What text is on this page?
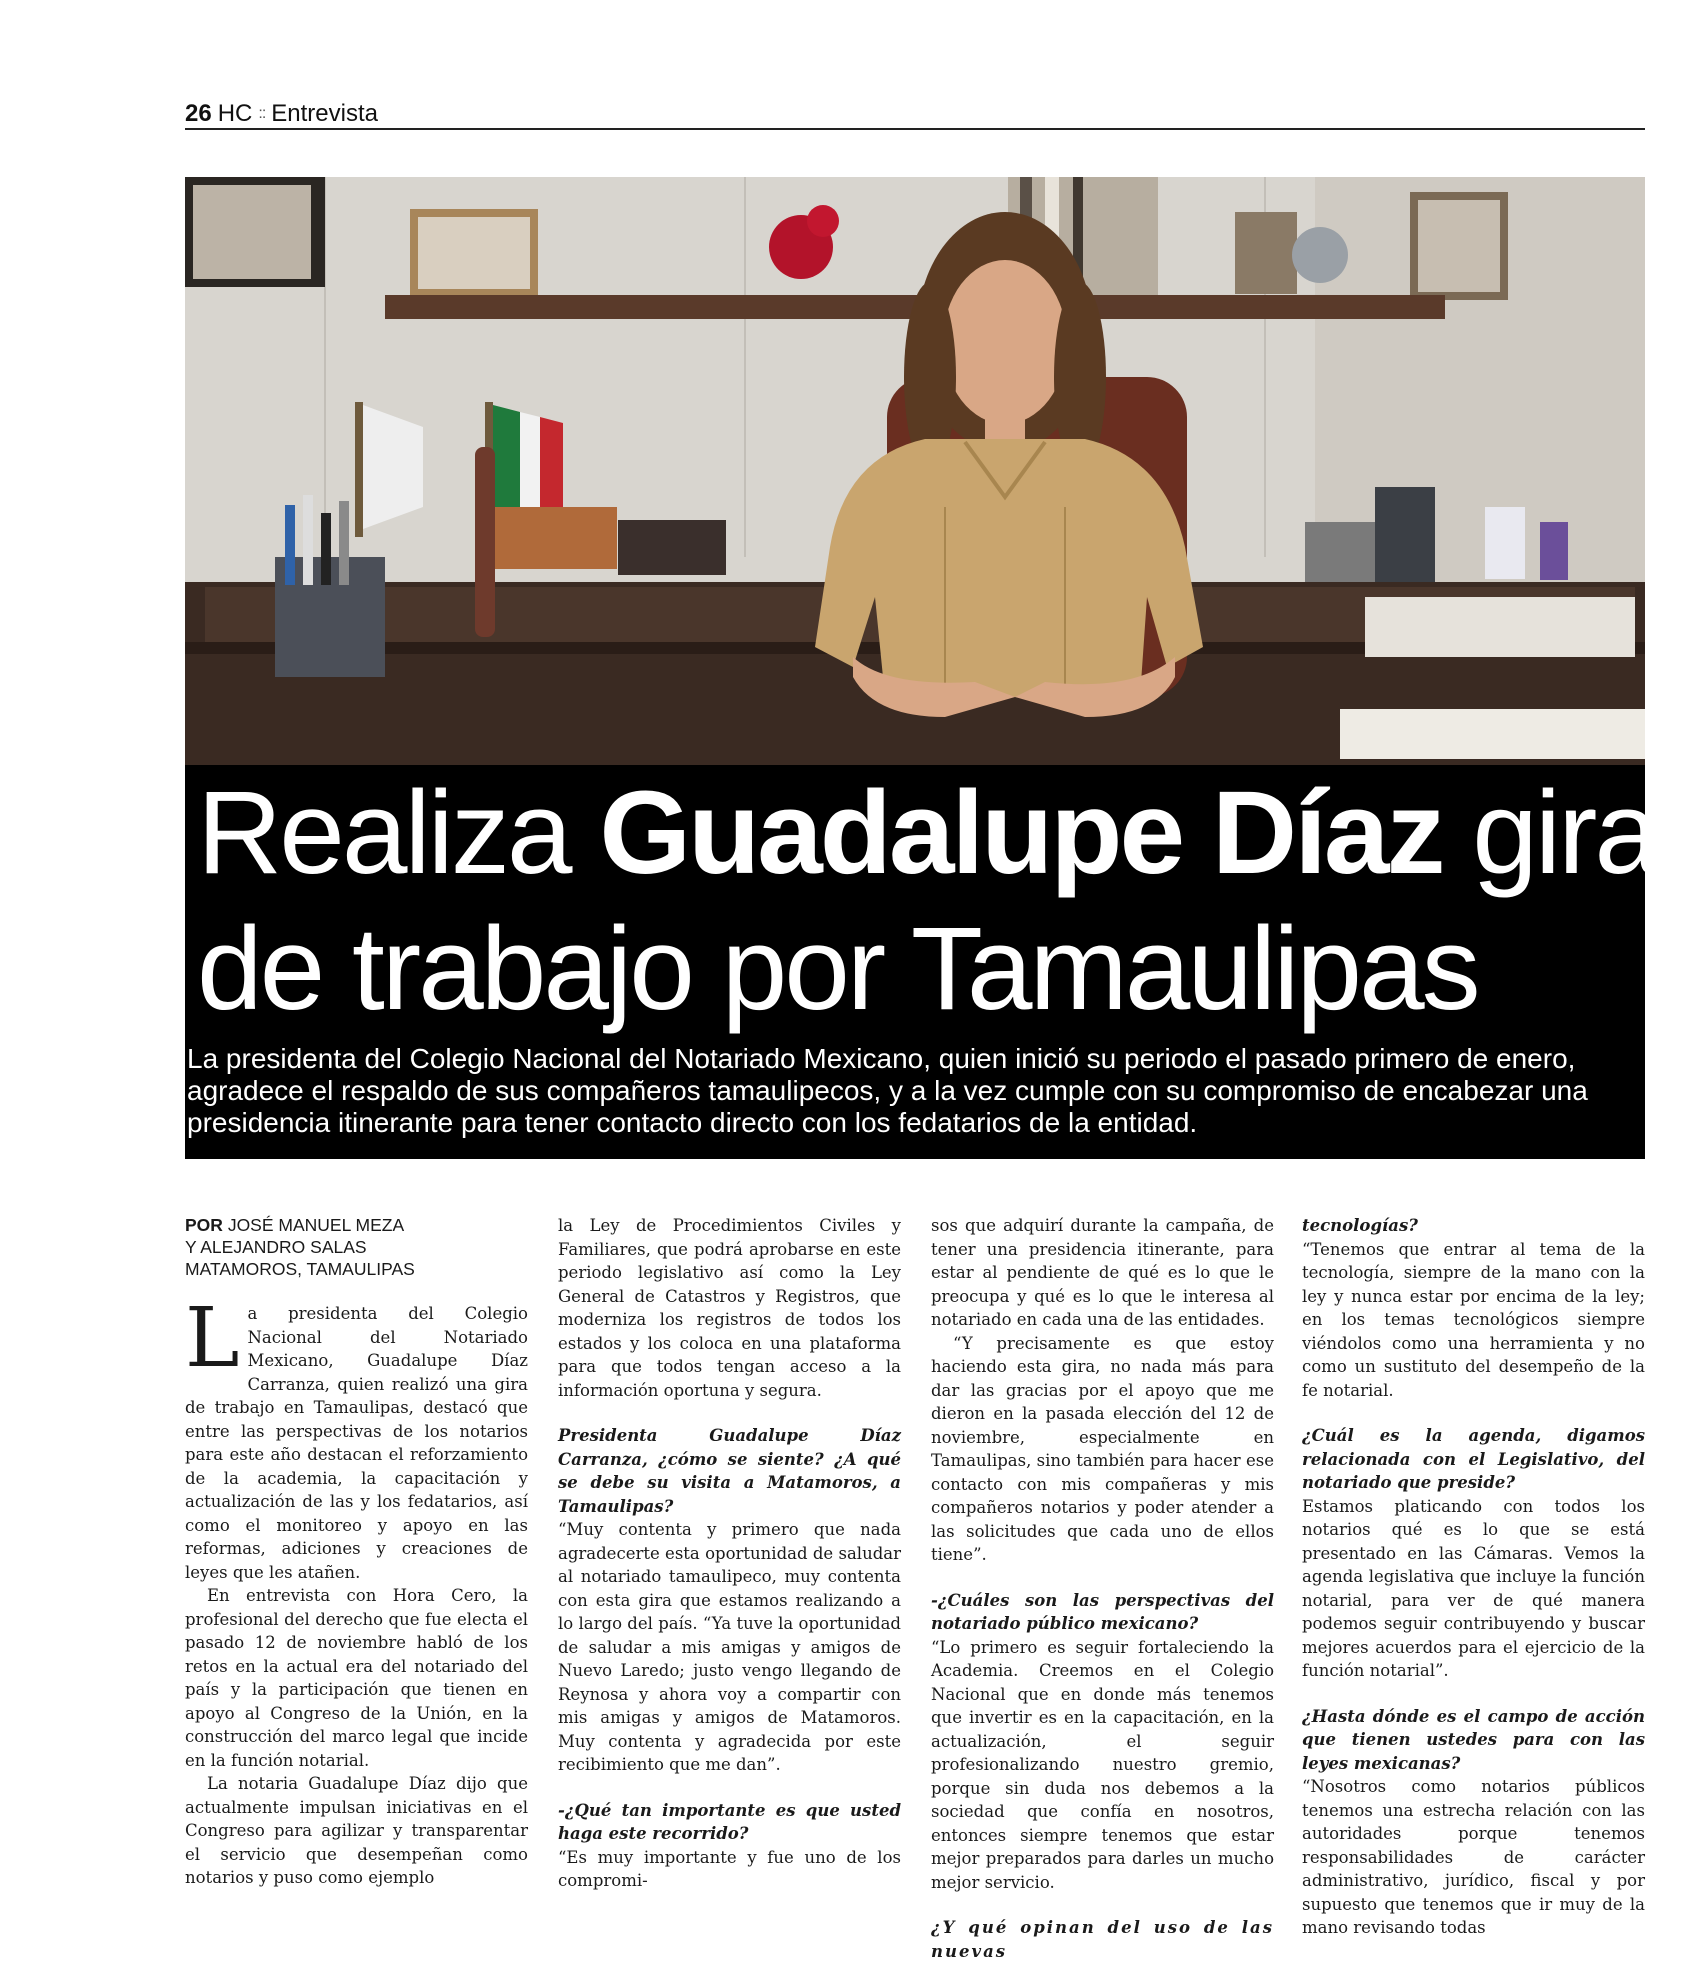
26 HC :: Entrevista
Realiza Guadalupe Díaz gira
de trabajo por Tamaulipas
La presidenta del Colegio Nacional del Notariado Mexicano, quien inició su periodo el pasado primero de enero, agradece el respaldo de sus compañeros tamaulipecos, y a la vez cumple con su compromiso de encabezar una presidencia itinerante para tener contacto directo con los fedatarios de la entidad.
POR JOSÉ MANUEL MEZA
Y ALEJANDRO SALAS
MATAMOROS, TAMAULIPAS

La presidenta del Colegio Nacional del Notariado Mexicano, Guadalupe Díaz Carranza, quien realizó una gira de trabajo en Tamaulipas, destacó que entre las perspectivas de los notarios para este año destacan el reforzamiento de la academia, la capacitación y actualización de las y los fedatarios, así como el monitoreo y apoyo en las reformas, adiciones y creaciones de leyes que les atañen.

En entrevista con Hora Cero, la profesional del derecho que fue electa el pasado 12 de noviembre habló de los retos en la actual era del notariado del país y la participación que tienen en apoyo al Congreso de la Unión, en la construcción del marco legal que incide en la función notarial.

La notaria Guadalupe Díaz dijo que actualmente impulsan iniciativas en el Congreso para agilizar y transparentar el servicio que desempeñan como notarios y puso como ejemplo

la Ley de Procedimientos Civiles y Familiares, que podrá aprobarse en este periodo legislativo así como la Ley General de Catastros y Registros, que moderniza los registros de todos los estados y los coloca en una plataforma para que todos tengan acceso a la información oportuna y segura.

Presidenta Guadalupe Díaz Carranza, ¿cómo se siente? ¿A qué se debe su visita a Matamoros, a Tamaulipas?

“Muy contenta y primero que nada agradecerte esta oportunidad de saludar al notariado tamaulipeco, muy contenta con esta gira que estamos realizando a lo largo del país. “Ya tuve la oportunidad de saludar a mis amigas y amigos de Nuevo Laredo; justo vengo llegando de Reynosa y ahora voy a compartir con mis amigas y amigos de Matamoros. Muy contenta y agradecida por este recibimiento que me dan”.

-¿Qué tan importante es que usted haga este recorrido?

“Es muy importante y fue uno de los compromi-

sos que adquirí durante la campaña, de tener una presidencia itinerante, para estar al pendiente de qué es lo que le preocupa y qué es lo que le interesa al notariado en cada una de las entidades.

“Y precisamente es que estoy haciendo esta gira, no nada más para dar las gracias por el apoyo que me dieron en la pasada elección del 12 de noviembre, especialmente en Tamaulipas, sino también para hacer ese contacto con mis compañeras y mis compañeros notarios y poder atender a las solicitudes que cada uno de ellos tiene”.

-¿Cuáles son las perspectivas del notariado público mexicano?

“Lo primero es seguir fortaleciendo la Academia. Creemos en el Colegio Nacional que en donde más tenemos que invertir es en la capacitación, en la actualización, el seguir profesionalizando nuestro gremio, porque sin duda nos debemos a la sociedad que confía en nosotros, entonces siempre tenemos que estar mejor preparados para darles un mucho mejor servicio.

¿Y qué opinan del uso de las nuevas

tecnologías?

“Tenemos que entrar al tema de la tecnología, siempre de la mano con la ley y nunca estar por encima de la ley; en los temas tecnológicos siempre viéndolos como una herramienta y no como un sustituto del desempeño de la fe notarial.

¿Cuál es la agenda, digamos relacionada con el Legislativo, del notariado que preside?

Estamos platicando con todos los notarios qué es lo que se está presentado en las Cámaras. Vemos la agenda legislativa que incluye la función notarial, para ver de qué manera podemos seguir contribuyendo y buscar mejores acuerdos para el ejercicio de la función notarial”.

¿Hasta dónde es el campo de acción que tienen ustedes para con las leyes mexicanas?

“Nosotros como notarios públicos tenemos una estrecha relación con las autoridades porque tenemos responsabilidades de carácter administrativo, jurídico, fiscal y por supuesto que tenemos que ir muy de la mano revisando todas
